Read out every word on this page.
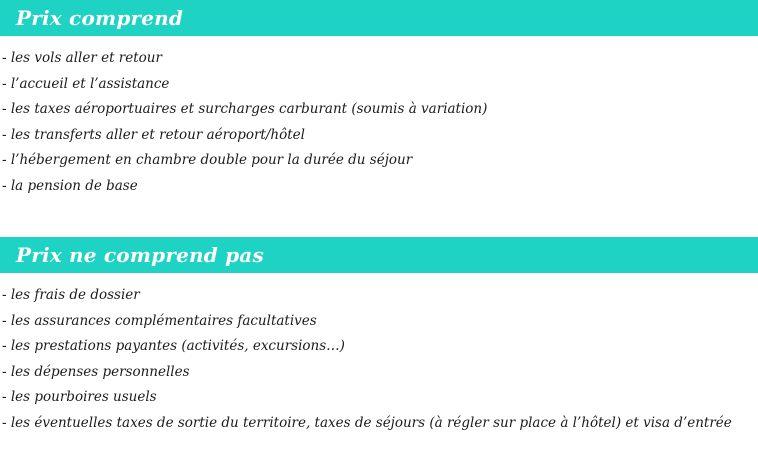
Prix comprend
- les vols aller et retour
- l’accueil et l’assistance
- les taxes aéroportuaires et surcharges carburant (soumis à variation)
- les transferts aller et retour aéroport/hôtel
- l’hébergement en chambre double pour la durée du séjour
- la pension de base
Prix ne comprend pas
- les frais de dossier
- les assurances complémentaires facultatives
- les prestations payantes (activités, excursions…)
- les dépenses personnelles
- les pourboires usuels
- les éventuelles taxes de sortie du territoire, taxes de séjours (à régler sur place à l’hôtel) et visa d’entrée
